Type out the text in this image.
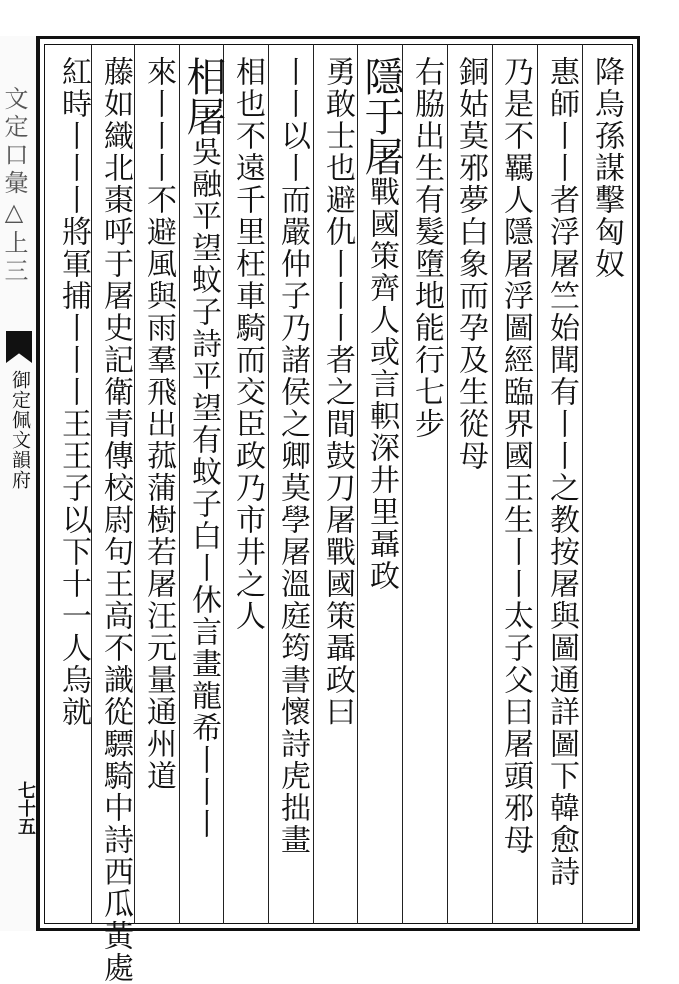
文定口彙△上三
御定佩文韻府
七十五
降烏孫謀擊匈奴
惠師丨丨者浮屠竺始聞有丨丨之教按屠與圖通詳圖下韓愈詩
乃是不羈人隱屠浮圖經臨界國王生丨丨太子父曰屠頭邪母
銅姑莫邪夢白象而孕及生從母
右脇出生有髮墮地能行七步
隱于屠戰國策齊人或言軹深井里聶政
勇敢士也避仇丨丨丨者之間鼓刀屠戰國策聶政曰
丨丨以丨而嚴仲子乃諸侯之卿莫學屠溫庭筠書懷詩虎拙畫
相也不遠千里枉車騎而交臣政乃市井之人
相屠吳融平望蚊子詩平望有蚊子白丨休言畫龍希丨丨丨
來丨丨丨不避風與雨羣飛出菰蒲樹若屠汪元量通州道
藤如織北棗呼于屠史記衛青傳校尉句王高不識從驃騎中詩西瓜黃處
紅時丨丨丨將軍捕丨丨丨王王子以下十一人烏就
